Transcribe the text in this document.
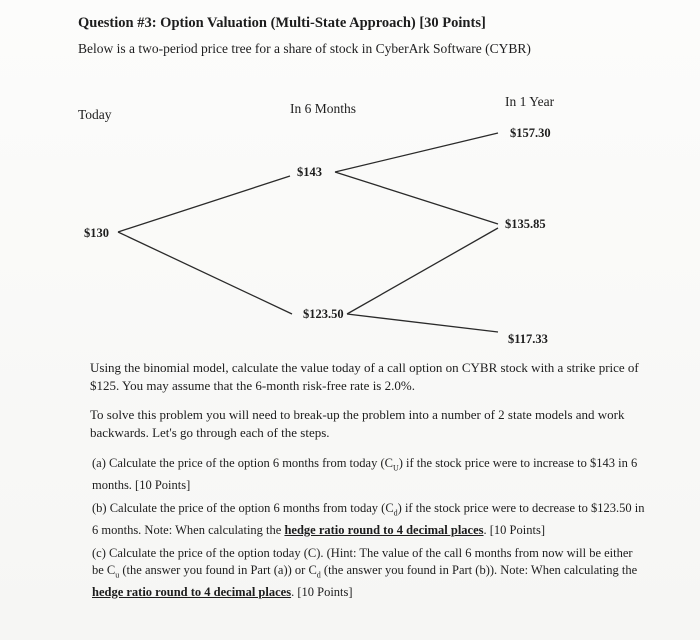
Question #3: Option Valuation (Multi-State Approach) [30 Points]
Below is a two-period price tree for a share of stock in CyberArk Software (CYBR)
Today	In 6 Months	In 1 Year
$130
$143
$123.50
$157.30
$135.85
$117.33
Using the binomial model, calculate the value today of a call option on CYBR stock with a strike price of $125. You may assume that the 6-month risk-free rate is 2.0%.
To solve this problem you will need to break-up the problem into a number of 2 state models and work backwards. Let's go through each of the steps.
(a) Calculate the price of the option 6 months from today $(C_U)$ if the stock price were to increase to $143 in 6 months. [10 Points]
(b) Calculate the price of the option 6 months from today $(C_d)$ if the stock price were to decrease to $123.50 in 6 months. Note: When calculating the hedge ratio round to 4 decimal places. [10 Points]
(c) Calculate the price of the option today (C). (Hint: The value of the call 6 months from now will be either be $C_u$ (the answer you found in Part (a)) or $C_d$ (the answer you found in Part (b)). Note: When calculating the hedge ratio round to 4 decimal places. [10 Points]
